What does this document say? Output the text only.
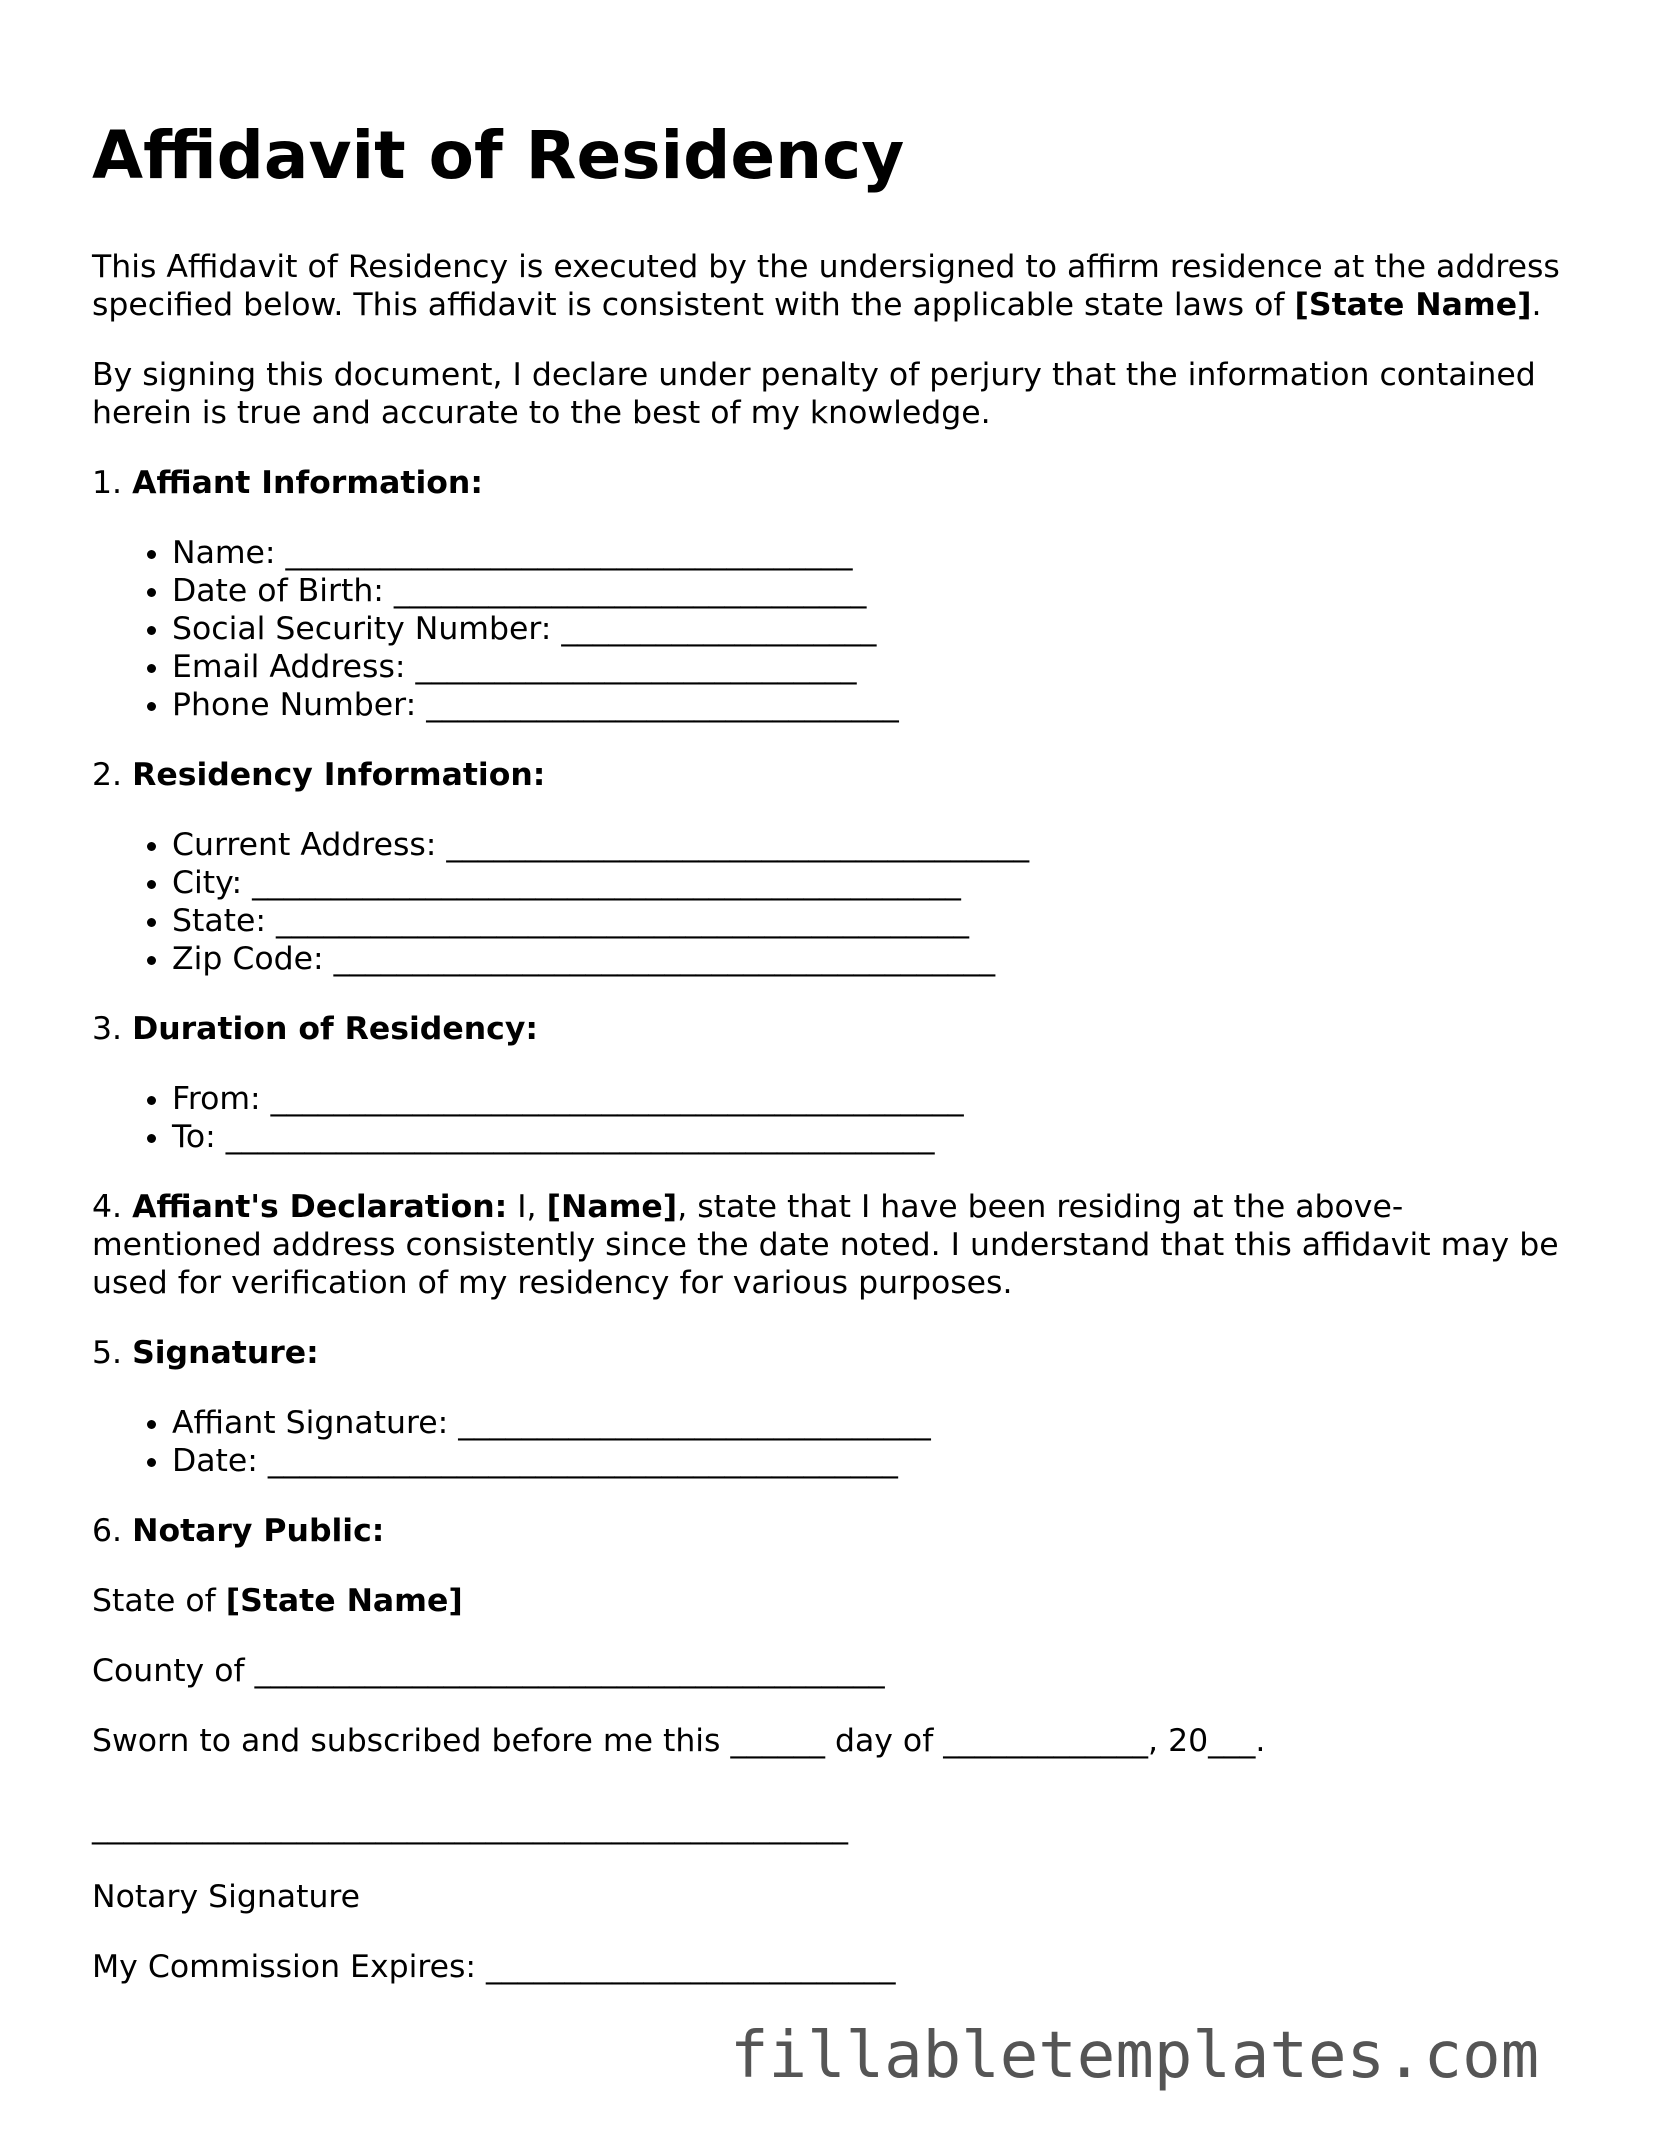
Affidavit of Residency

This Affidavit of Residency is executed by the undersigned to affirm residence at the address specified below. This affidavit is consistent with the applicable state laws of [State Name].

By signing this document, I declare under penalty of perjury that the information contained herein is true and accurate to the best of my knowledge.

1. Affiant Information:

• Name: ____________________________________
• Date of Birth: ______________________________
• Social Security Number: ____________________
• Email Address: ____________________________
• Phone Number: ______________________________

2. Residency Information:

• Current Address: _____________________________________
• City: _____________________________________________
• State: ____________________________________________
• Zip Code: __________________________________________

3. Duration of Residency:

• From: ____________________________________________
• To: _____________________________________________

4. Affiant's Declaration: I, [Name], state that I have been residing at the above-mentioned address consistently since the date noted. I understand that this affidavit may be used for verification of my residency for various purposes.

5. Signature:

• Affiant Signature: ______________________________
• Date: ________________________________________

6. Notary Public:

State of [State Name]

County of ________________________________________

Sworn to and subscribed before me this ______ day of _____________, 20___.

________________________________________________

Notary Signature

My Commission Expires: __________________________

fillabletemplates.com
